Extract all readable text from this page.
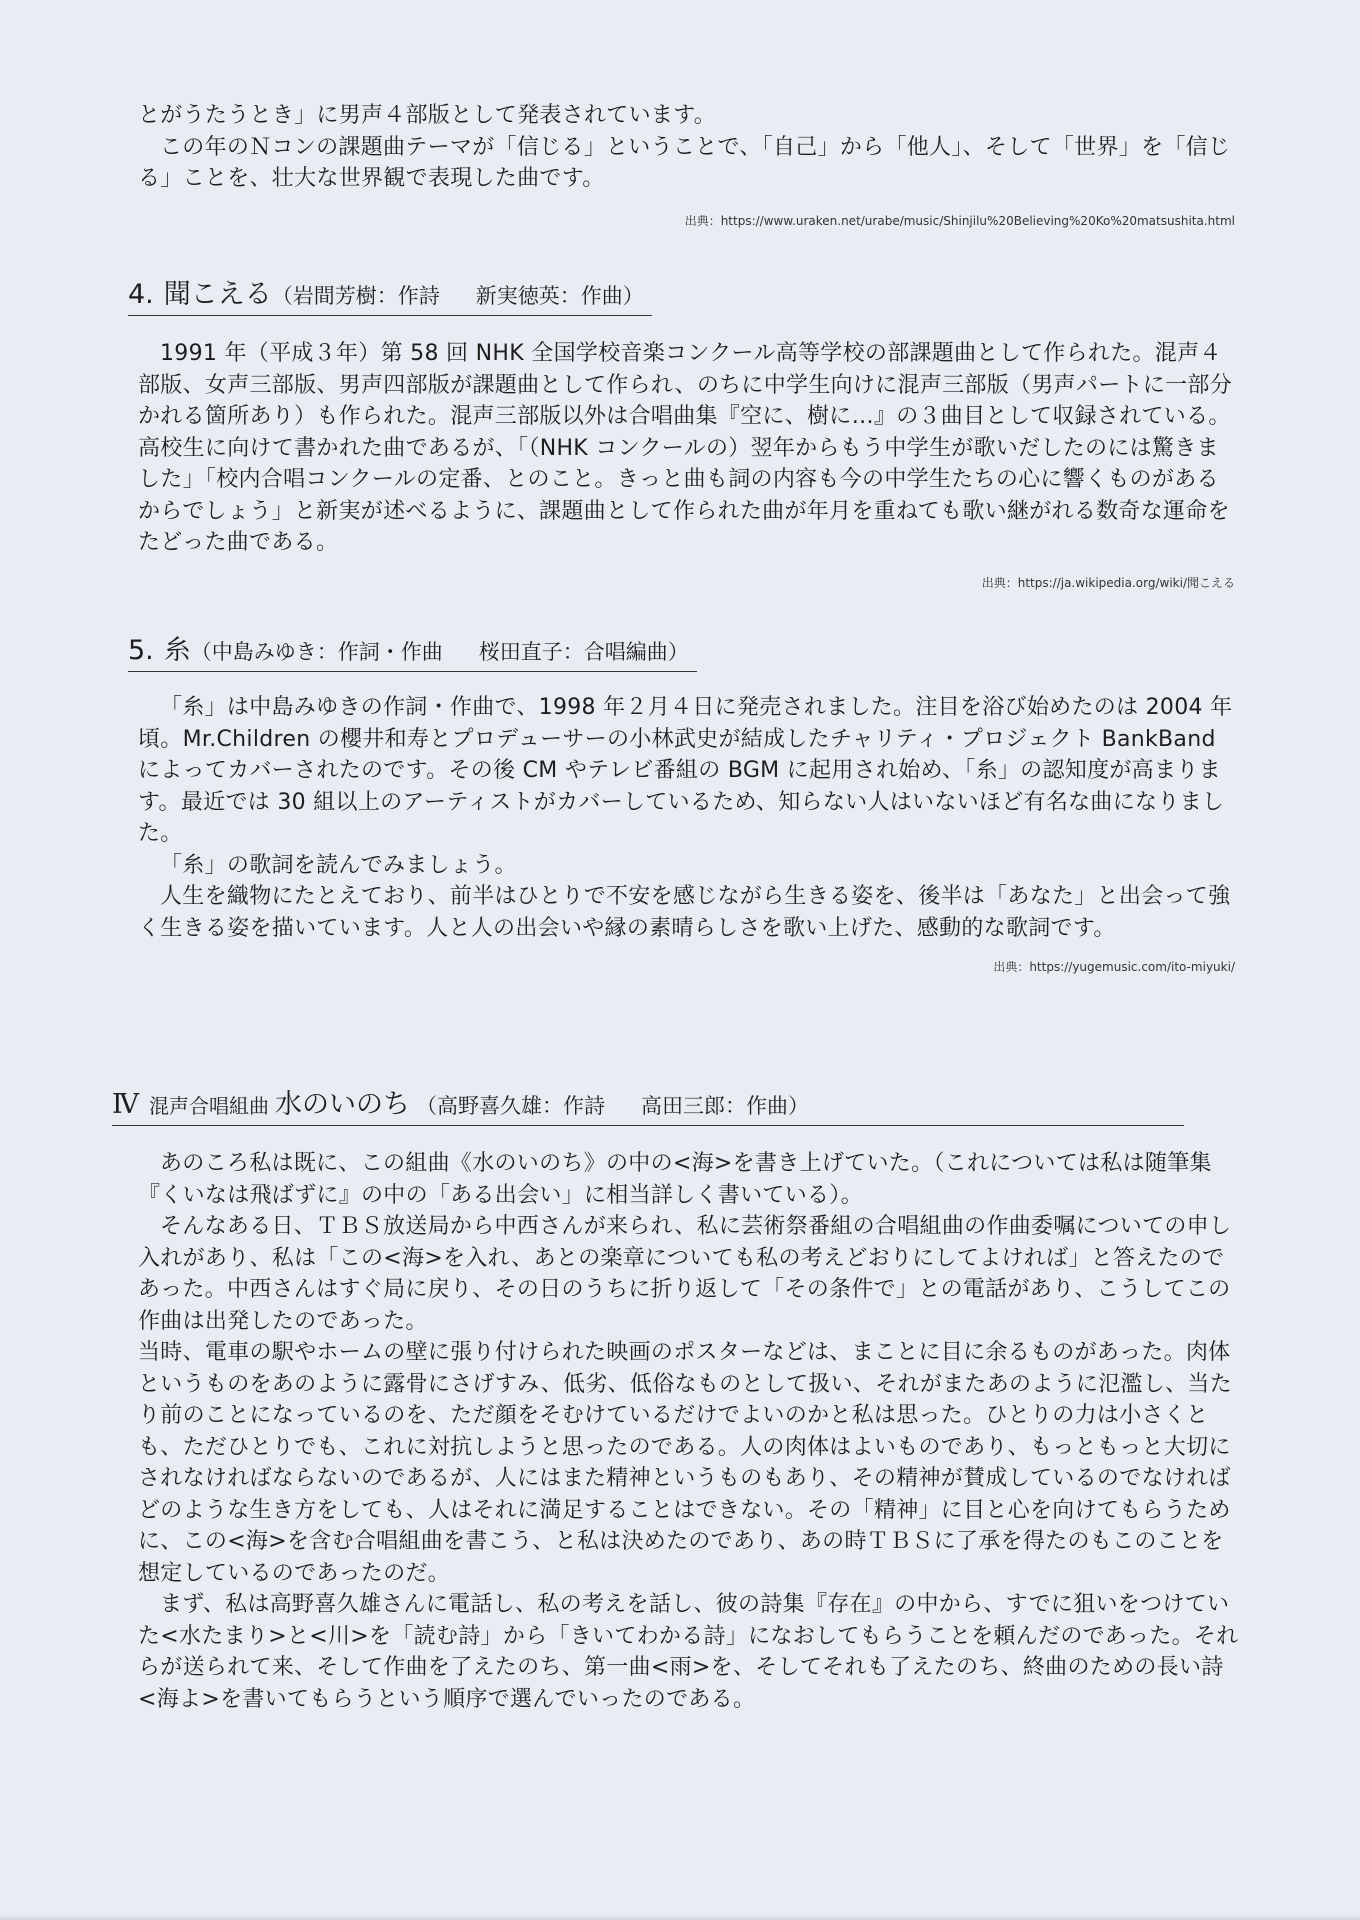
とがうたうとき」に男声４部版として発表されています。

この年のＮコンの課題曲テーマが「信じる」ということで、「自己」から「他人」、そして「世界」を「信じる」ことを、壮大な世界観で表現した曲です。

出典：https://www.uraken.net/urabe/music/Shinjilu%20Believing%20Ko%20matsushita.html
4. 聞こえる（岩間芳樹：作詩 新実徳英：作曲）

1991 年（平成３年）第 58 回 NHK 全国学校音楽コンクール高等学校の部課題曲として作られた。混声４部版、女声三部版、男声四部版が課題曲として作られ、のちに中学生向けに混声三部版（男声パートに一部分かれる箇所あり）も作られた。混声三部版以外は合唱曲集『空に、樹に…』の３曲目として収録されている。高校生に向けて書かれた曲であるが、「（NHK コンクールの）翌年からもう中学生が歌いだしたのには驚きました」「校内合唱コンクールの定番、とのこと。きっと曲も詞の内容も今の中学生たちの心に響くものがあるからでしょう」と新実が述べるように、課題曲として作られた曲が年月を重ねても歌い継がれる数奇な運命をたどった曲である。

出典：https://ja.wikipedia.org/wiki/聞こえる
5. 糸（中島みゆき：作詞・作曲 桜田直子：合唱編曲）

「糸」は中島みゆきの作詞・作曲で、1998 年２月４日に発売されました。注目を浴び始めたのは 2004 年頃。Mr.Children の櫻井和寿とプロデューサーの小林武史が結成したチャリティ・プロジェクト BankBand によってカバーされたのです。その後 CM やテレビ番組の BGM に起用され始め、「糸」の認知度が高まります。最近では 30 組以上のアーティストがカバーしているため、知らない人はいないほど有名な曲になりました。

「糸」の歌詞を読んでみましょう。

人生を織物にたとえており、前半はひとりで不安を感じながら生きる姿を、後半は「あなた」と出会って強く生きる姿を描いています。人と人の出会いや縁の素晴らしさを歌い上げた、感動的な歌詞です。

出典：https://yugemusic.com/ito-miyuki/
Ⅳ 混声合唱組曲 水のいのち （高野喜久雄：作詩 高田三郎：作曲）

あのころ私は既に、この組曲《水のいのち》の中の<海>を書き上げていた。（これについては私は随筆集『くいなは飛ばずに』の中の「ある出会い」に相当詳しく書いている）。

そんなある日、ＴＢＳ放送局から中西さんが来られ、私に芸術祭番組の合唱組曲の作曲委嘱についての申し入れがあり、私は「この<海>を入れ、あとの楽章についても私の考えどおりにしてよければ」と答えたのであった。中西さんはすぐ局に戻り、その日のうちに折り返して「その条件で」との電話があり、こうしてこの作曲は出発したのであった。

当時、電車の駅やホームの壁に張り付けられた映画のポスターなどは、まことに目に余るものがあった。肉体というものをあのように露骨にさげすみ、低劣、低俗なものとして扱い、それがまたあのように氾濫し、当たり前のことになっているのを、ただ顔をそむけているだけでよいのかと私は思った。ひとりの力は小さくとも、ただひとりでも、これに対抗しようと思ったのである。人の肉体はよいものであり、もっともっと大切にされなければならないのであるが、人にはまた精神というものもあり、その精神が賛成しているのでなければどのような生き方をしても、人はそれに満足することはできない。その「精神」に目と心を向けてもらうために、この<海>を含む合唱組曲を書こう、と私は決めたのであり、あの時ＴＢＳに了承を得たのもこのことを想定しているのであったのだ。

まず、私は高野喜久雄さんに電話し、私の考えを話し、彼の詩集『存在』の中から、すでに狙いをつけていた<水たまり>と<川>を「読む詩」から「きいてわかる詩」になおしてもらうことを頼んだのであった。それらが送られて来、そして作曲を了えたのち、第一曲<雨>を、そしてそれも了えたのち、終曲のための長い詩<海よ>を書いてもらうという順序で選んでいったのである。
